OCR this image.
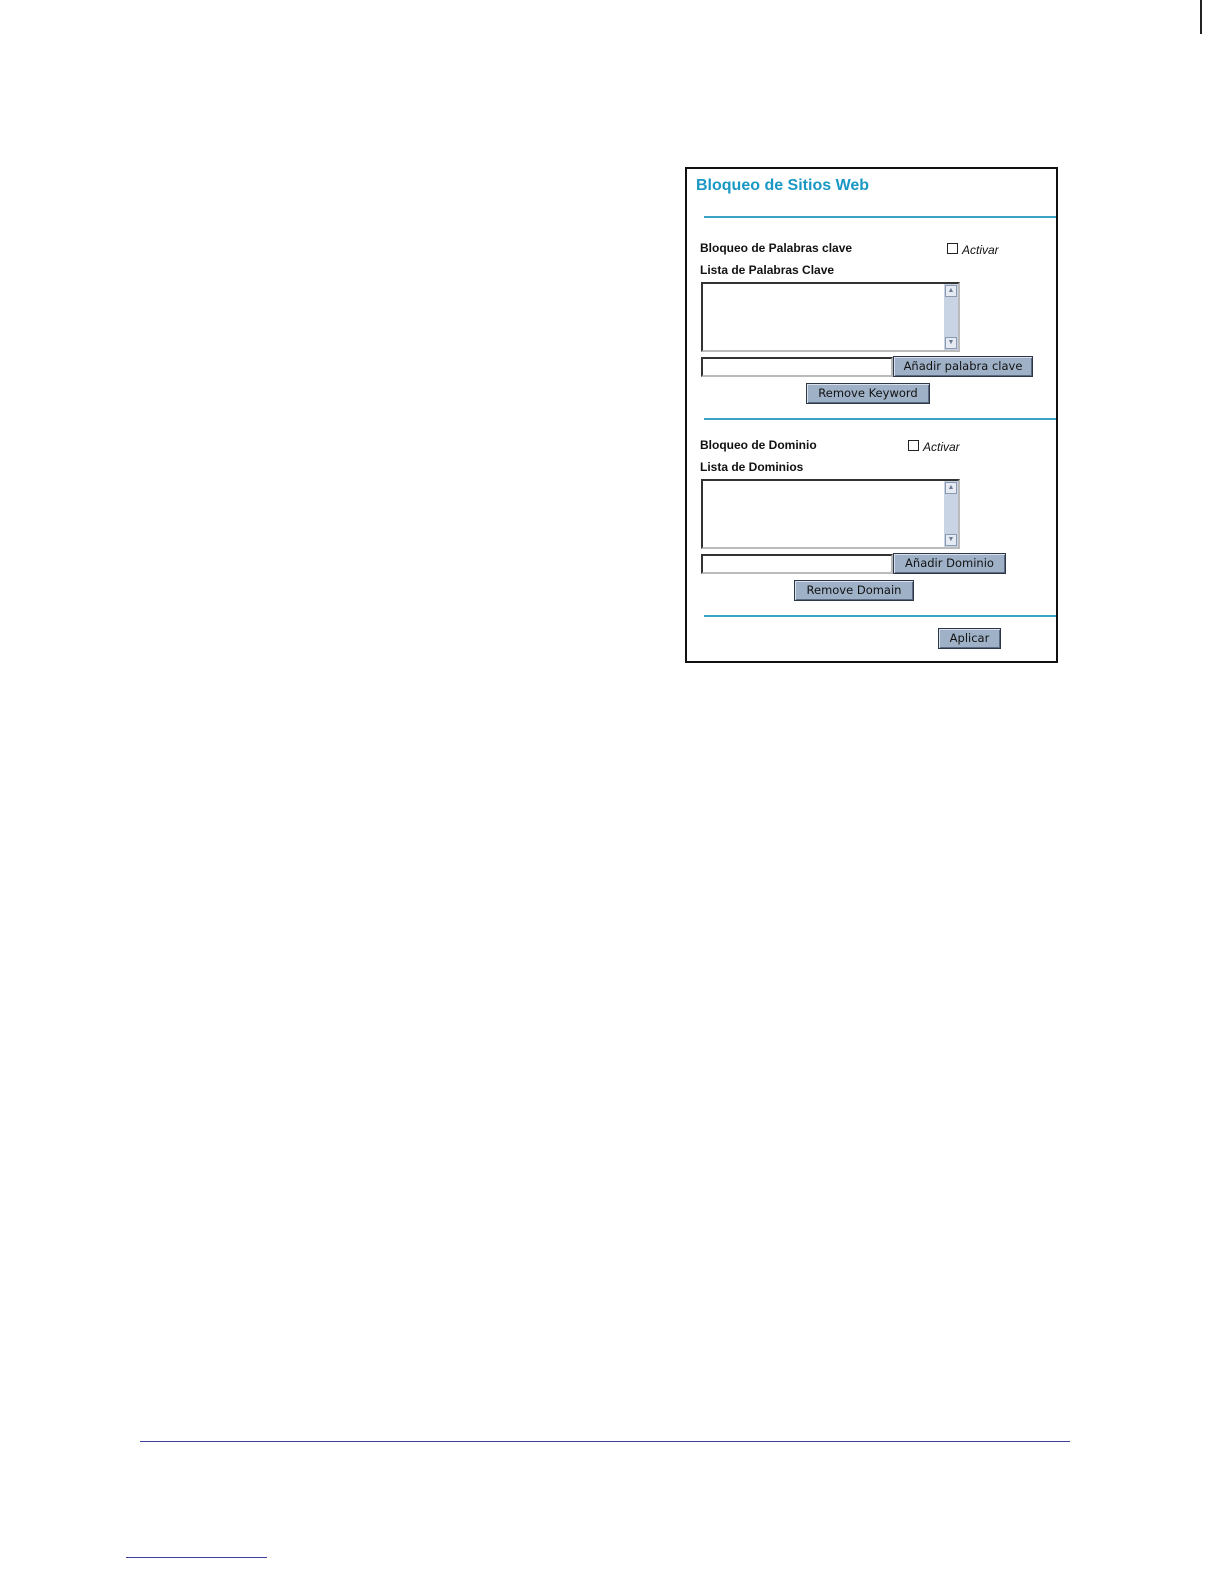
Bloqueo de Sitios Web
Bloqueo de Palabras clave	Activar
Lista de Palabras Clave
▲
▼
Añadir palabra clave
Remove Keyword
Bloqueo de Dominio	Activar
Lista de Dominios
▲
▼
Añadir Dominio
Remove Domain
Aplicar
